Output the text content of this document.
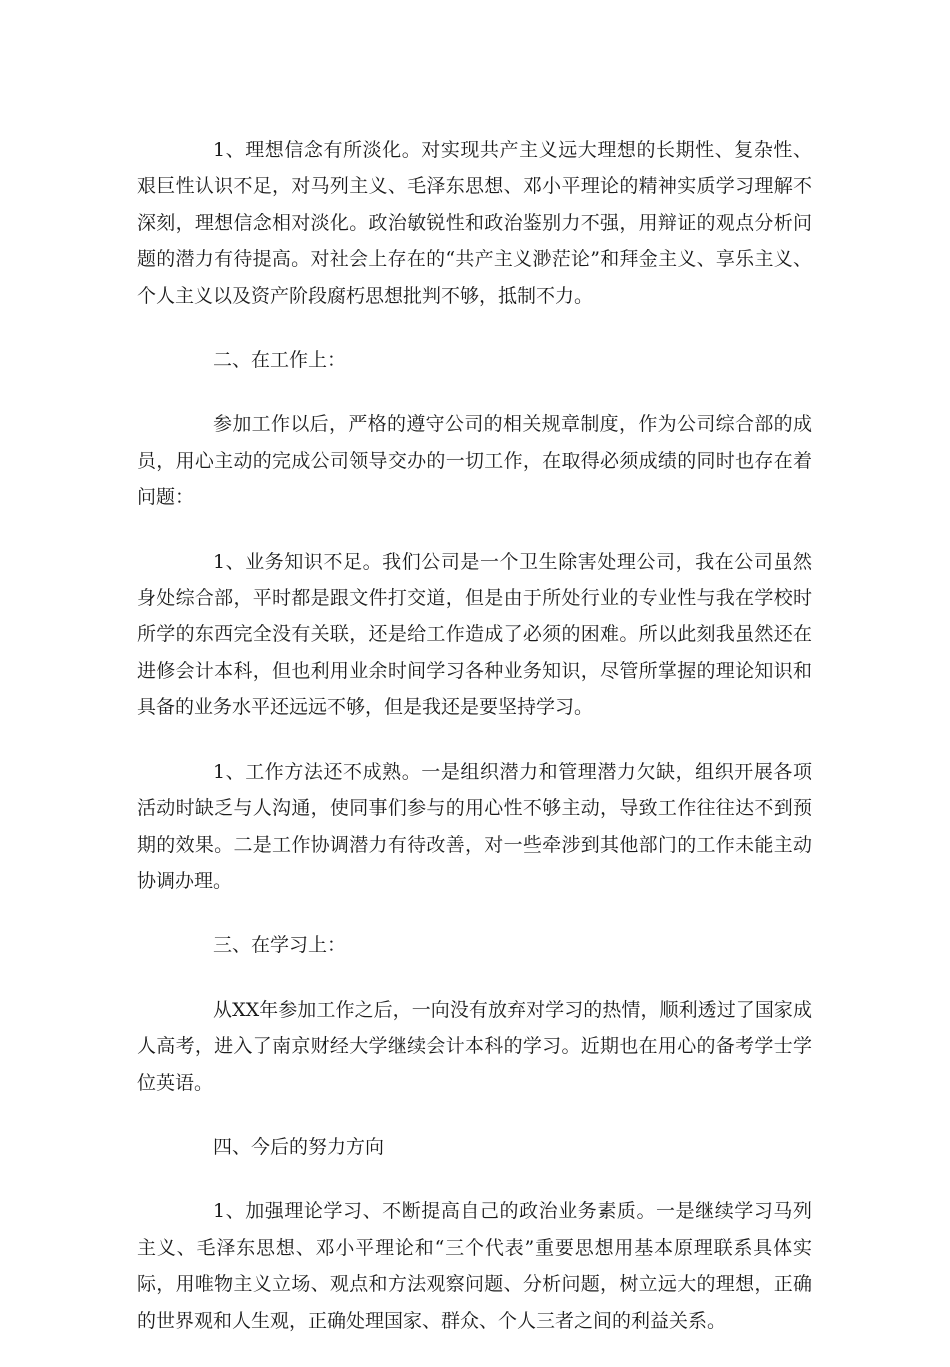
1、理想信念有所淡化。对实现共产主义远大理想的长期性、复杂性、艰巨性认识不足，对马列主义、毛泽东思想、邓小平理论的精神实质学习理解不深刻，理想信念相对淡化。政治敏锐性和政治鉴别力不强，用辩证的观点分析问题的潜力有待提高。对社会上存在的“共产主义渺茫论”和拜金主义、享乐主义、个人主义以及资产阶段腐朽思想批判不够，抵制不力。

二、在工作上：

参加工作以后，严格的遵守公司的相关规章制度，作为公司综合部的成员，用心主动的完成公司领导交办的一切工作，在取得必须成绩的同时也存在着问题：

1、业务知识不足。我们公司是一个卫生除害处理公司，我在公司虽然身处综合部，平时都是跟文件打交道，但是由于所处行业的专业性与我在学校时所学的东西完全没有关联，还是给工作造成了必须的困难。所以此刻我虽然还在进修会计本科，但也利用业余时间学习各种业务知识，尽管所掌握的理论知识和具备的业务水平还远远不够，但是我还是要坚持学习。

1、工作方法还不成熟。一是组织潜力和管理潜力欠缺，组织开展各项活动时缺乏与人沟通，使同事们参与的用心性不够主动，导致工作往往达不到预期的效果。二是工作协调潜力有待改善，对一些牵涉到其他部门的工作未能主动协调办理。

三、在学习上：

从XX年参加工作之后，一向没有放弃对学习的热情，顺利透过了国家成人高考，进入了南京财经大学继续会计本科的学习。近期也在用心的备考学士学位英语。

四、今后的努力方向

1、加强理论学习、不断提高自己的政治业务素质。一是继续学习马列主义、毛泽东思想、邓小平理论和“三个代表”重要思想用基本原理联系具体实际，用唯物主义立场、观点和方法观察问题、分析问题，树立远大的理想，正确的世界观和人生观，正确处理国家、群众、个人三者之间的利益关系。
